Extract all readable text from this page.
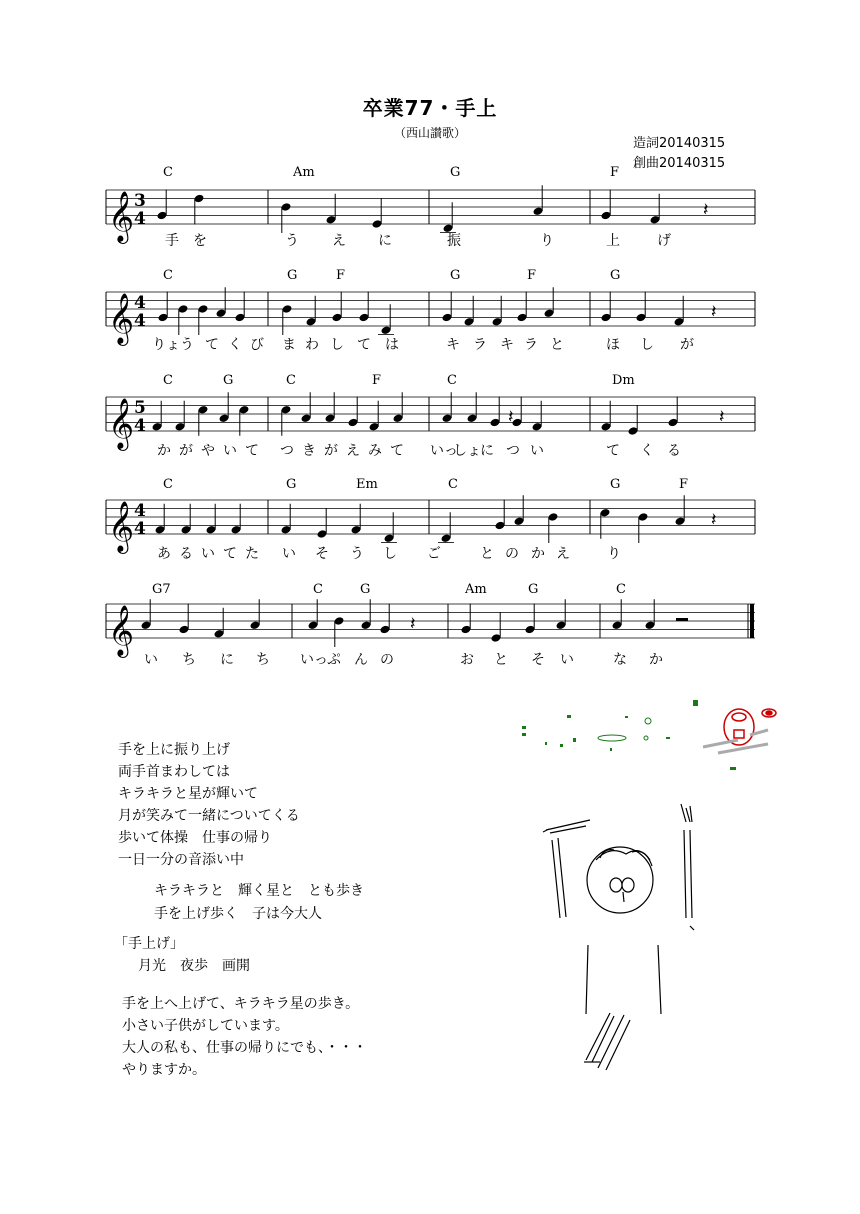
卒業77・手上
（西山讃歌）
造詞20140315
創曲20140315
𝄞 3
4
C	Am	G	F
手 を	う え に	振	り	上	げ
𝄽
𝄞 4
4
C	G	F	G	F	G
りょ う て く び ま わ し て は	キ ラ キ ラ と	ほ し が
𝄽
𝄞 5
4
C	G	C	F	C	Dm
か が や い て つ き が え み て いっ
しょ に つ い	て く る
𝄽	𝄽
𝄞 4
4
C	G	Em	C	G	F
あ る い て た い そ う し ご	と の か え	り
𝄽
𝄞
G7	C	G	Am	G	C
い ち に ち いっ ぷ ん の	お と そ い	な か
𝄽
手を上に振り上げ
両手首まわしては
キラキラと星が輝いて
月が笑みて一緒についてくる
歩いて体操　仕事の帰り
一日一分の音添い中
キラキラと　輝く星と　とも歩き
手を上げ歩く　子は今大人
「手上げ」
月光　夜歩　画開
手を上へ上げて、キラキラ星の歩き。
小さい子供がしています。
大人の私も、仕事の帰りにでも、・・・
やりますか。
